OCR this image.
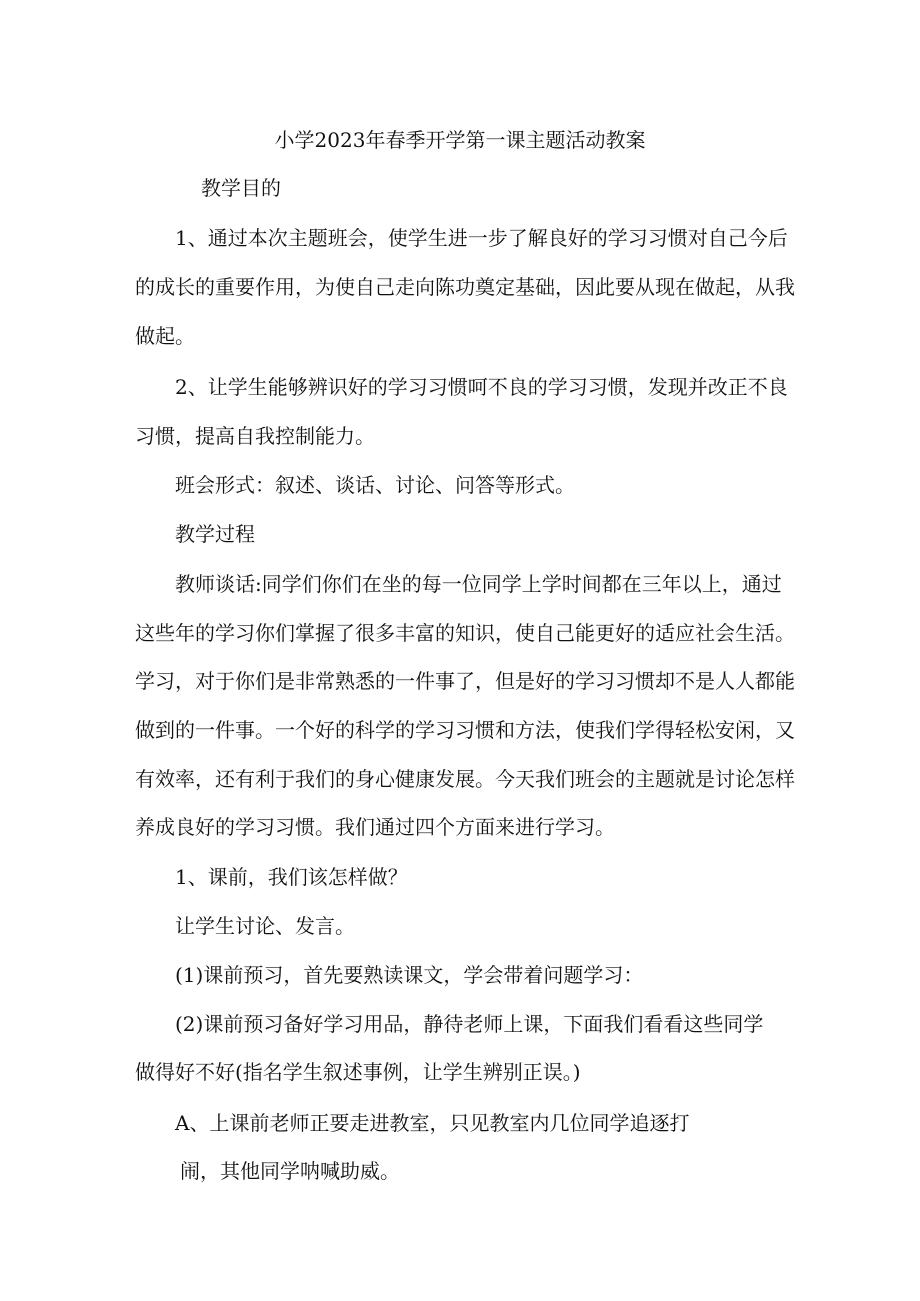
小学2023年春季开学第一课主题活动教案

教学目的

1、通过本次主题班会，使学生进一步了解良好的学习习惯对自己今后

的成长的重要作用，为使自己走向陈功奠定基础，因此要从现在做起，从我

做起。

2、让学生能够辨识好的学习习惯呵不良的学习习惯，发现并改正不良

习惯，提高自我控制能力。

班会形式：叙述、谈话、讨论、问答等形式。

教学过程

教师谈话:同学们你们在坐的每一位同学上学时间都在三年以上，通过

这些年的学习你们掌握了很多丰富的知识，使自己能更好的适应社会生活。

学习，对于你们是非常熟悉的一件事了，但是好的学习习惯却不是人人都能

做到的一件事。一个好的科学的学习习惯和方法，使我们学得轻松安闲，又

有效率，还有利于我们的身心健康发展。今天我们班会的主题就是讨论怎样

养成良好的学习习惯。我们通过四个方面来进行学习。

1、课前，我们该怎样做？

让学生讨论、发言。

(1)课前预习，首先要熟读课文，学会带着问题学习：

(2)课前预习备好学习用品，静待老师上课，下面我们看看这些同学

做得好不好(指名学生叙述事例，让学生辨别正误。)

A、上课前老师正要走进教室，只见教室内几位同学追逐打

闹，其他同学呐喊助威。
